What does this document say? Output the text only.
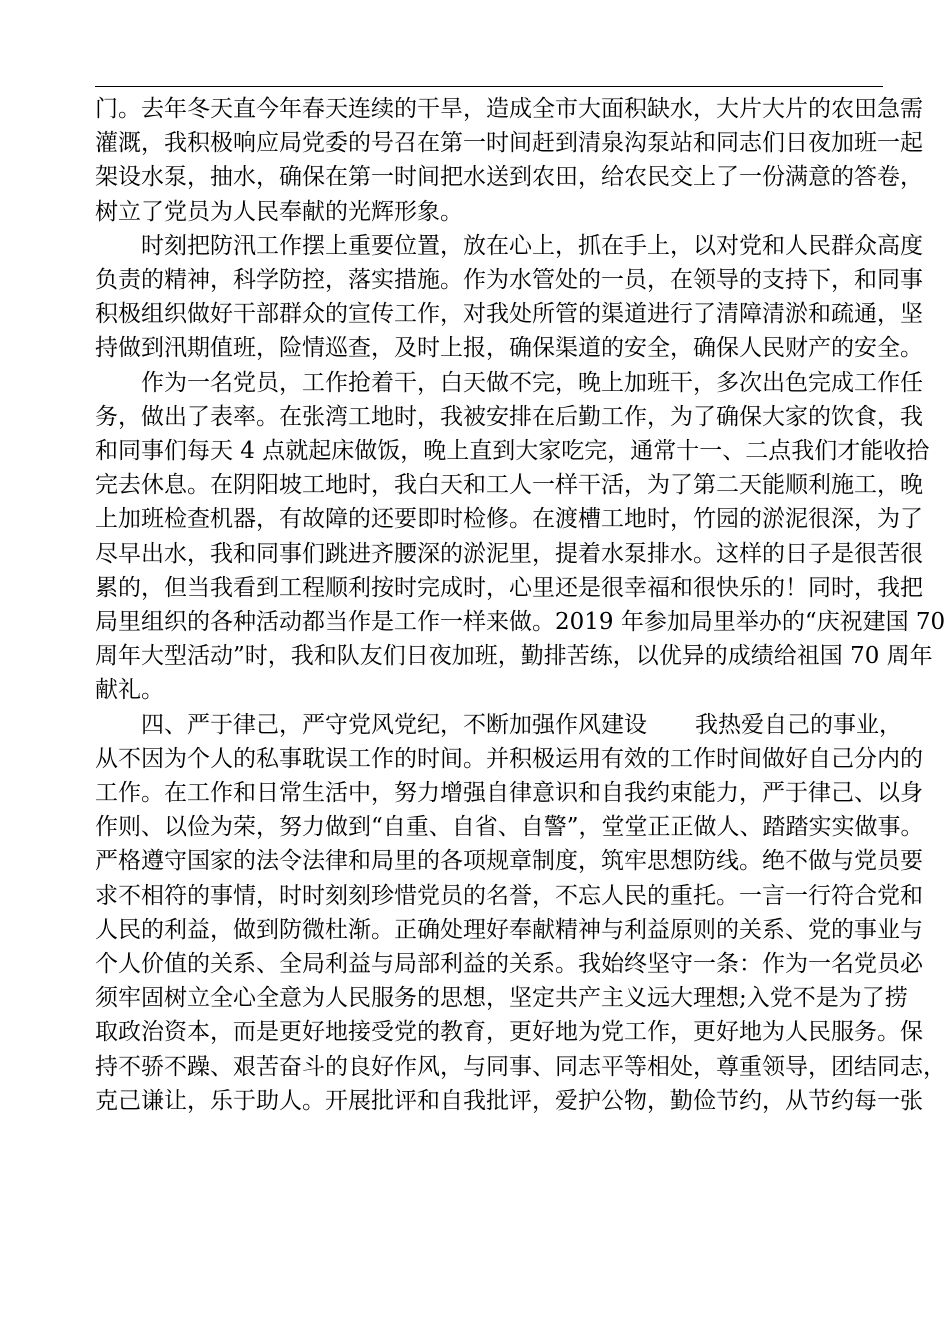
门。去年冬天直今年春天连续的干旱，造成全市大面积缺水，大片大片的农田急需
灌溉，我积极响应局党委的号召在第一时间赶到清泉沟泵站和同志们日夜加班一起
架设水泵，抽水，确保在第一时间把水送到农田，给农民交上了一份满意的答卷，
树立了党员为人民奉献的光辉形象。

时刻把防汛工作摆上重要位置，放在心上，抓在手上，以对党和人民群众高度
负责的精神，科学防控，落实措施。作为水管处的一员，在领导的支持下，和同事
积极组织做好干部群众的宣传工作，对我处所管的渠道进行了清障清淤和疏通，坚
持做到汛期值班，险情巡查，及时上报，确保渠道的安全，确保人民财产的安全。

作为一名党员，工作抢着干，白天做不完，晚上加班干，多次出色完成工作任
务，做出了表率。在张湾工地时，我被安排在后勤工作，为了确保大家的饮食，我
和同事们每天 4 点就起床做饭，晚上直到大家吃完，通常十一、二点我们才能收拾
完去休息。在阴阳坡工地时，我白天和工人一样干活，为了第二天能顺利施工，晚
上加班检查机器，有故障的还要即时检修。在渡槽工地时，竹园的淤泥很深，为了
尽早出水，我和同事们跳进齐腰深的淤泥里，提着水泵排水。这样的日子是很苦很
累的，但当我看到工程顺利按时完成时，心里还是很幸福和很快乐的！同时，我把
局里组织的各种活动都当作是工作一样来做。2019 年参加局里举办的“庆祝建国 70
周年大型活动”时，我和队友们日夜加班，勤排苦练，以优异的成绩给祖国 70 周年
献礼。

四、严于律己，严守党风党纪，不断加强作风建设 我热爱自己的事业，
从不因为个人的私事耽误工作的时间。并积极运用有效的工作时间做好自己分内的
工作。在工作和日常生活中，努力增强自律意识和自我约束能力，严于律己、以身
作则、以俭为荣，努力做到“自重、自省、自警”，堂堂正正做人、踏踏实实做事。
严格遵守国家的法令法律和局里的各项规章制度，筑牢思想防线。绝不做与党员要
求不相符的事情，时时刻刻珍惜党员的名誉，不忘人民的重托。一言一行符合党和
人民的利益，做到防微杜渐。正确处理好奉献精神与利益原则的关系、党的事业与
个人价值的关系、全局利益与局部利益的关系。我始终坚守一条：作为一名党员必
须牢固树立全心全意为人民服务的思想，坚定共产主义远大理想;入党不是为了捞
取政治资本，而是更好地接受党的教育，更好地为党工作，更好地为人民服务。保
持不骄不躁、艰苦奋斗的良好作风，与同事、同志平等相处，尊重领导，团结同志，
克己谦让，乐于助人。开展批评和自我批评，爱护公物，勤俭节约，从节约每一张
